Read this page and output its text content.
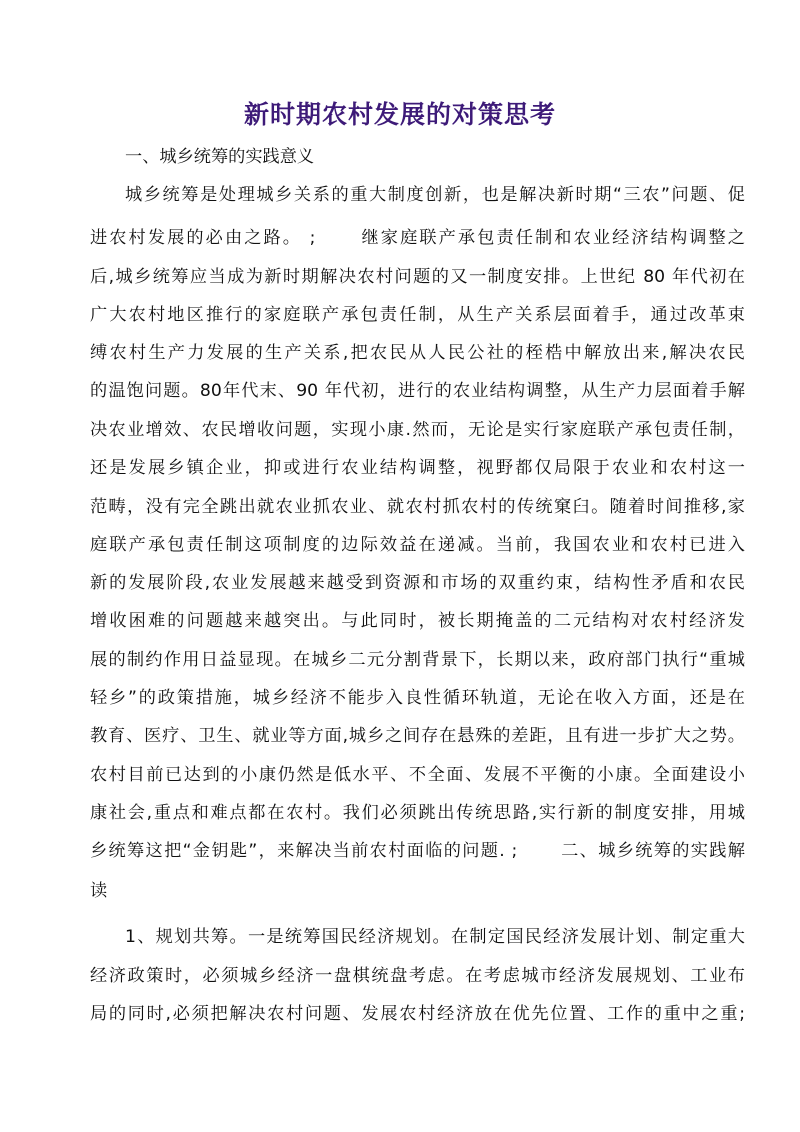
新时期农村发展的对策思考
一、城乡统筹的实践意义
城乡统筹是处理城乡关系的重大制度创新，也是解决新时期“三农”问题、促
进农村发展的必由之路。 ; 　　继家庭联产承包责任制和农业经济结构调整之
后,城乡统筹应当成为新时期解决农村问题的又一制度安排。上世纪 80 年代初在
广大农村地区推行的家庭联产承包责任制，从生产关系层面着手，通过改革束
缚农村生产力发展的生产关系,把农民从人民公社的桎梏中解放出来,解决农民
的温饱问题。80年代末、90 年代初，进行的农业结构调整，从生产力层面着手解
决农业增效、农民增收问题，实现小康.然而，无论是实行家庭联产承包责任制，
还是发展乡镇企业，抑或进行农业结构调整，视野都仅局限于农业和农村这一
范畴，没有完全跳出就农业抓农业、就农村抓农村的传统窠臼。随着时间推移,家
庭联产承包责任制这项制度的边际效益在递减。当前，我国农业和农村已进入
新的发展阶段,农业发展越来越受到资源和市场的双重约束，结构性矛盾和农民
增收困难的问题越来越突出。与此同时，被长期掩盖的二元结构对农村经济发
展的制约作用日益显现。在城乡二元分割背景下，长期以来，政府部门执行“重城
轻乡”的政策措施，城乡经济不能步入良性循环轨道，无论在收入方面，还是在
教育、医疗、卫生、就业等方面,城乡之间存在悬殊的差距，且有进一步扩大之势。
农村目前已达到的小康仍然是低水平、不全面、发展不平衡的小康。全面建设小
康社会,重点和难点都在农村。我们必须跳出传统思路,实行新的制度安排，用城
乡统筹这把“金钥匙”，来解决当前农村面临的问题. ; 　　二、城乡统筹的实践解
读
1、规划共筹。一是统筹国民经济规划。在制定国民经济发展计划、制定重大
经济政策时，必须城乡经济一盘棋统盘考虑。在考虑城市经济发展规划、工业布
局的同时,必须把解决农村问题、发展农村经济放在优先位置、工作的重中之重;
